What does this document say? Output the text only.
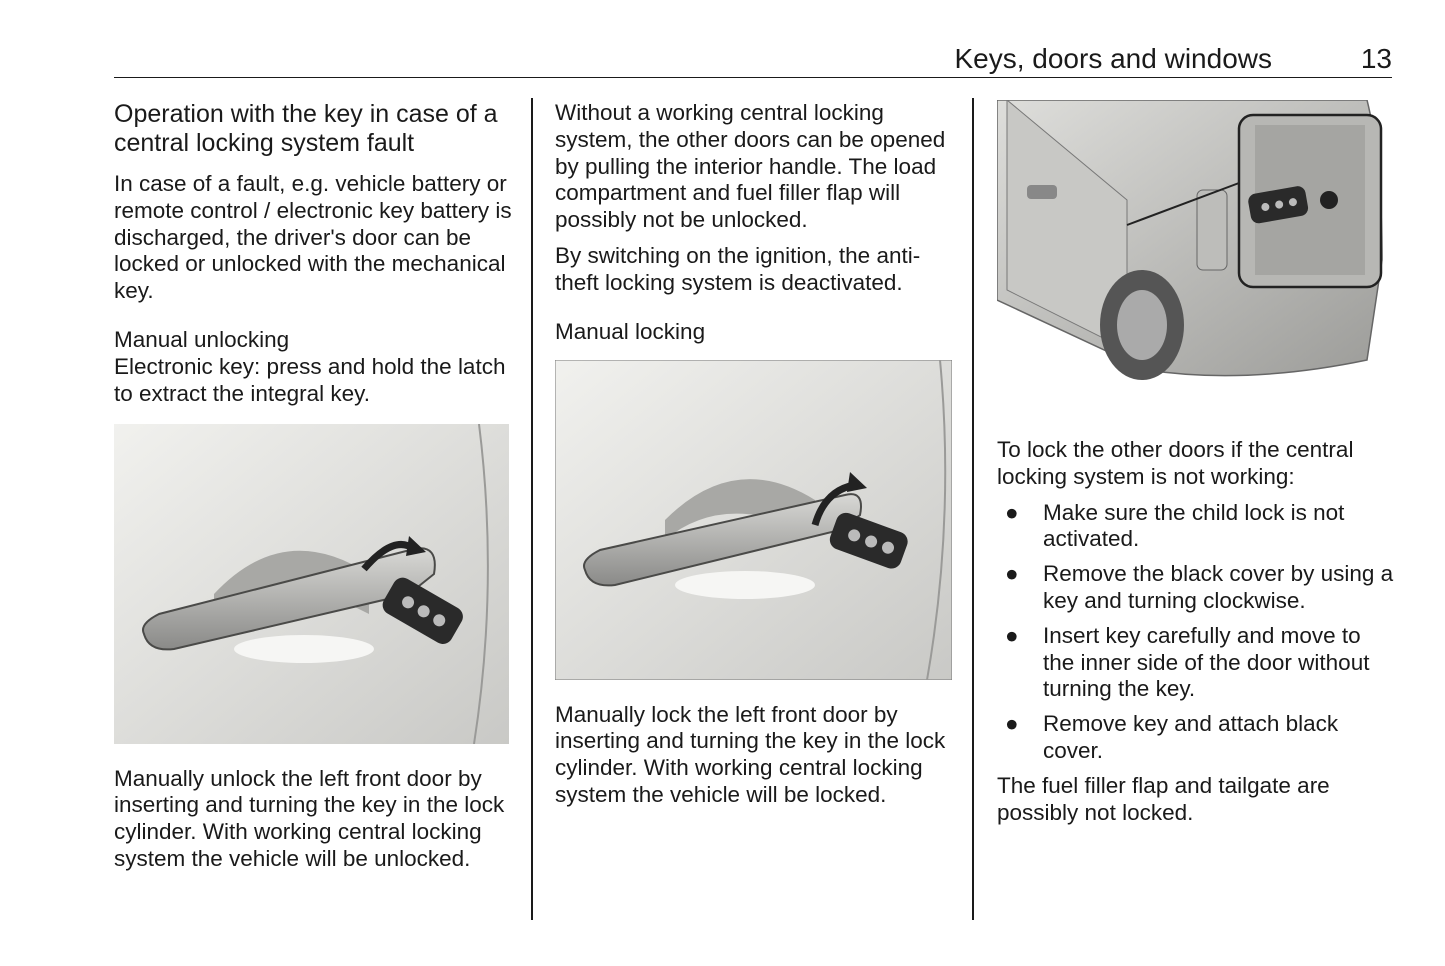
Keys, doors and windows	13
Operation with the key in case of a central locking system fault

In case of a fault, e.g. vehicle battery or remote control / electronic key battery is discharged, the driver's door can be locked or unlocked with the mechanical key.

Manual unlocking

Electronic key: press and hold the latch to extract the integral key.

Manually unlock the left front door by inserting and turning the key in the lock cylinder. With working central locking system the vehicle will be unlocked.

Without a working central locking system, the other doors can be opened by pulling the interior handle. The load compartment and fuel filler flap will possibly not be unlocked.

By switching on the ignition, the anti-theft locking system is deactivated.

Manual locking

Manually lock the left front door by inserting and turning the key in the lock cylinder. With working central locking system the vehicle will be locked.

To lock the other doors if the central locking system is not working:

● Make sure the child lock is not activated.
● Remove the black cover by using a key and turning clockwise.
● Insert key carefully and move to the inner side of the door without turning the key.
● Remove key and attach black cover.

The fuel filler flap and tailgate are possibly not locked.
